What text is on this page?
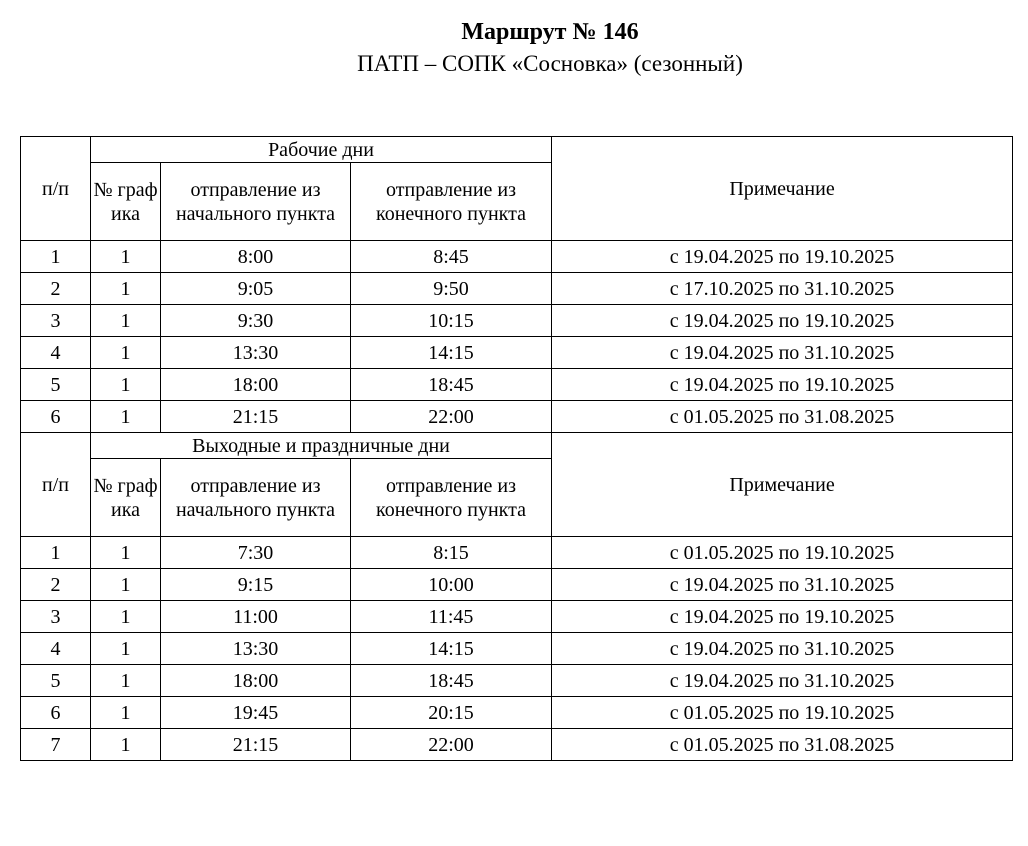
Маршрут № 146
ПАТП – СОПК «Сосновка» (сезонный)
п/п	Рабочие дни			Примечание
	№ граф ика	отправление из начального пункта	отправление из конечного пункта	
1	1	8:00	8:45	с 19.04.2025 по 19.10.2025
2	1	9:05	9:50	с 17.10.2025 по 31.10.2025
3	1	9:30	10:15	с 19.04.2025 по 19.10.2025
4	1	13:30	14:15	с 19.04.2025 по 31.10.2025
5	1	18:00	18:45	с 19.04.2025 по 19.10.2025
6	1	21:15	22:00	с 01.05.2025 по 31.08.2025
п/п	Выходные и праздничные дни			Примечание
	№ граф ика	отправление из начального пункта	отправление из конечного пункта	
1	1	7:30	8:15	с 01.05.2025 по 19.10.2025
2	1	9:15	10:00	с 19.04.2025 по 31.10.2025
3	1	11:00	11:45	с 19.04.2025 по 19.10.2025
4	1	13:30	14:15	с 19.04.2025 по 31.10.2025
5	1	18:00	18:45	с 19.04.2025 по 31.10.2025
6	1	19:45	20:15	с 01.05.2025 по 19.10.2025
7	1	21:15	22:00	с 01.05.2025 по 31.08.2025
